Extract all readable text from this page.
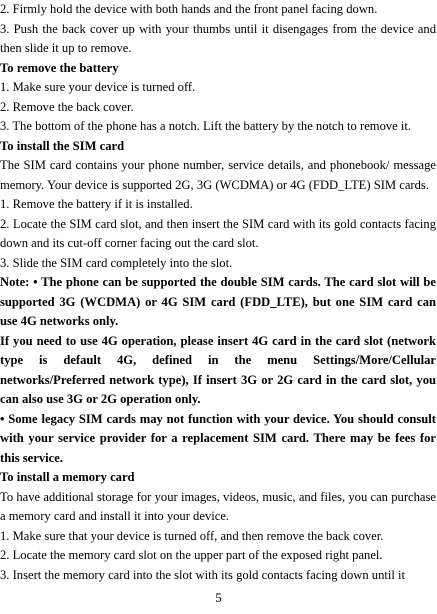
2. Firmly hold the device with both hands and the front panel facing down.

3. Push the back cover up with your thumbs until it disengages from the device and then slide it up to remove.

To remove the battery

1. Make sure your device is turned off.

2. Remove the back cover.

3. The bottom of the phone has a notch. Lift the battery by the notch to remove it.

To install the SIM card

The SIM card contains your phone number, service details, and phonebook/ message memory. Your device is supported 2G, 3G (WCDMA) or 4G (FDD_LTE) SIM cards.

1. Remove the battery if it is installed.

2. Locate the SIM card slot, and then insert the SIM card with its gold contacts facing down and its cut-off corner facing out the card slot.

3. Slide the SIM card completely into the slot.

Note: • The phone can be supported the double SIM cards. The card slot will be supported 3G (WCDMA) or 4G SIM card (FDD_LTE), but one SIM card can use 4G networks only.

If you need to use 4G operation, please insert 4G card in the card slot (network type is default 4G, defined in the menu Settings/More/Cellular networks/Preferred network type), If insert 3G or 2G card in the card slot, you can also use 3G or 2G operation only.

• Some legacy SIM cards may not function with your device. You should consult with your service provider for a replacement SIM card. There may be fees for this service.

To install a memory card

To have additional storage for your images, videos, music, and files, you can purchase a memory card and install it into your device.

1. Make sure that your device is turned off, and then remove the back cover.

2. Locate the memory card slot on the upper part of the exposed right panel.

3. Insert the memory card into the slot with its gold contacts facing down until it

5
